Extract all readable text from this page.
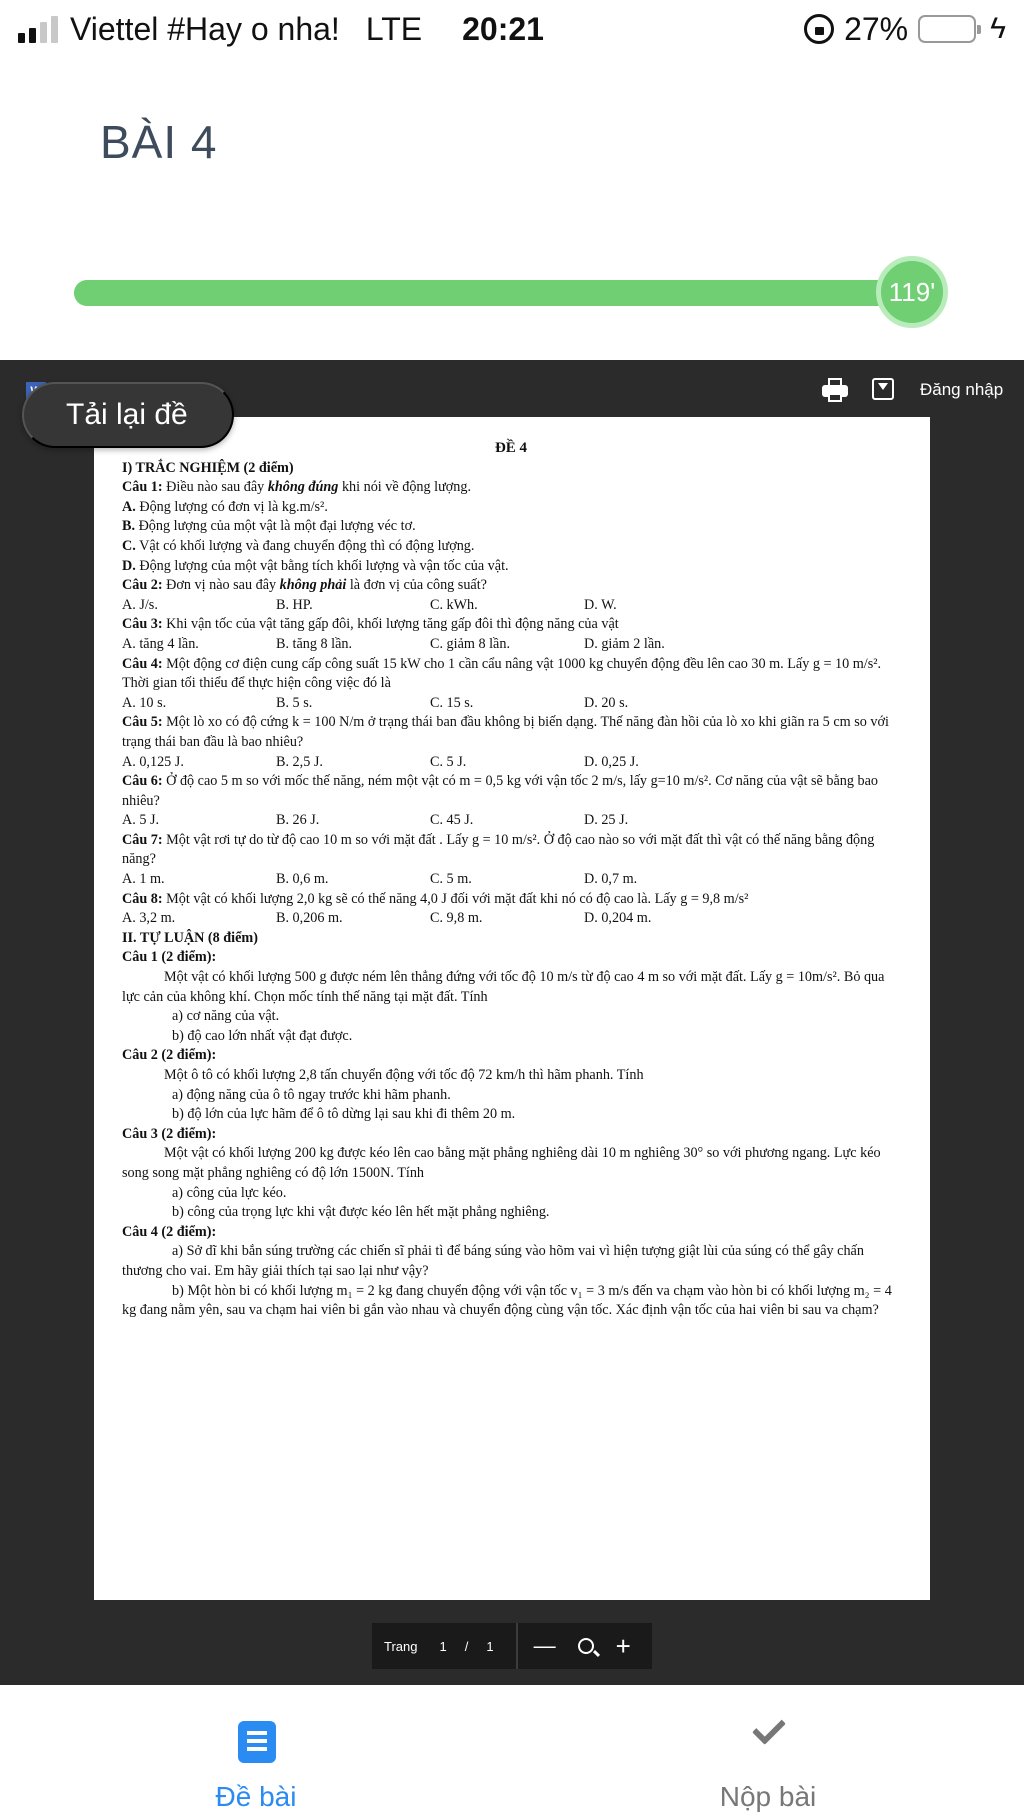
Viettel #Hay o nha! LTE 20:21	27%	ϟ
BÀI 4
119'
Đăng nhập
Tải lại đề
ĐỀ 4
I) TRẮC NGHIỆM (2 điểm)
Câu 1: Điều nào sau đây không đúng khi nói về động lượng.
A. Động lượng có đơn vị là kg.m/s².
B. Động lượng của một vật là một đại lượng véc tơ.
C. Vật có khối lượng và đang chuyển động thì có động lượng.
D. Động lượng của một vật bằng tích khối lượng và vận tốc của vật.
Câu 2: Đơn vị nào sau đây không phải là đơn vị của công suất?
A. J/s.	B. HP.	C. kWh.	D. W.
Câu 3: Khi vận tốc của vật tăng gấp đôi, khối lượng tăng gấp đôi thì động năng của vật
A. tăng 4 lần.	B. tăng 8 lần.	C. giảm 8 lần.	D. giảm 2 lần.
Câu 4: Một động cơ điện cung cấp công suất 15 kW cho 1 cần cẩu nâng vật 1000 kg chuyển động đều lên cao 30 m. Lấy g = 10 m/s². Thời gian tối thiểu để thực hiện công việc đó là
A. 10 s.	B. 5 s.	C. 15 s.	D. 20 s.
Câu 5: Một lò xo có độ cứng k = 100 N/m ở trạng thái ban đầu không bị biến dạng. Thế năng đàn hồi của lò xo khi giãn ra 5 cm so với trạng thái ban đầu là bao nhiêu?
A. 0,125 J.	B. 2,5 J.	C. 5 J.	D. 0,25 J.
Câu 6: Ở độ cao 5 m so với mốc thế năng, ném một vật có m = 0,5 kg với vận tốc 2 m/s, lấy g=10 m/s². Cơ năng của vật sẽ bằng bao nhiêu?
A. 5 J.	B. 26 J.	C. 45 J.	D. 25 J.
Câu 7: Một vật rơi tự do từ độ cao 10 m so với mặt đất . Lấy g = 10 m/s². Ở độ cao nào so với mặt đất thì vật có thế năng bằng động năng?
A. 1 m.	B. 0,6 m.	C. 5 m.	D. 0,7 m.
Câu 8: Một vật có khối lượng 2,0 kg sẽ có thế năng 4,0 J đối với mặt đất khi nó có độ cao là. Lấy g = 9,8 m/s²
A. 3,2 m.	B. 0,206 m.	C. 9,8 m.	D. 0,204 m.
II. TỰ LUẬN (8 điểm)
Câu 1 (2 điểm):
Một vật có khối lượng 500 g được ném lên thẳng đứng với tốc độ 10 m/s từ độ cao 4 m so với mặt đất. Lấy g = 10m/s². Bỏ qua lực cản của không khí. Chọn mốc tính thế năng tại mặt đất. Tính
a) cơ năng của vật.
b) độ cao lớn nhất vật đạt được.
Câu 2 (2 điểm):
Một ô tô có khối lượng 2,8 tấn chuyển động với tốc độ 72 km/h thì hãm phanh. Tính
a) động năng của ô tô ngay trước khi hãm phanh.
b) độ lớn của lực hãm để ô tô dừng lại sau khi đi thêm 20 m.
Câu 3 (2 điểm):
Một vật có khối lượng 200 kg được kéo lên cao bằng mặt phẳng nghiêng dài 10 m nghiêng 30° so với phương ngang. Lực kéo song song mặt phẳng nghiêng có độ lớn 1500N. Tính
a) công của lực kéo.
b) công của trọng lực khi vật được kéo lên hết mặt phẳng nghiêng.
Câu 4 (2 điểm):
a) Sở dĩ khi bắn súng trường các chiến sĩ phải tì để báng súng vào hõm vai vì hiện tượng giật lùi của súng có thể gây chấn thương cho vai. Em hãy giải thích tại sao lại như vậy?
b) Một hòn bi có khối lượng m₁ = 2 kg đang chuyển động với vận tốc v₁ = 3 m/s đến va chạm vào hòn bi có khối lượng m₂ = 4 kg đang nằm yên, sau va chạm hai viên bi gắn vào nhau và chuyển động cùng vận tốc. Xác định vận tốc của hai viên bi sau va chạm?
Trang 1 / 1 — +
Đề bài	Nộp bài
